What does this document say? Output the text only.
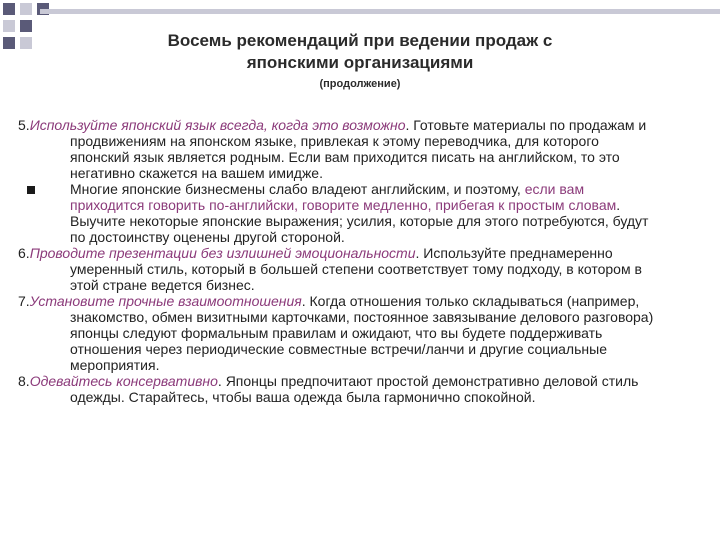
Восемь рекомендаций при ведении продаж с
японскими организациями
(продолжение)

5.Используйте японский язык всегда, когда это возможно. Готовьте материалы по продажам и продвижениям на японском языке, привлекая к этому переводчика, для которого японский язык является родным. Если вам приходится писать на английском, то это негативно скажется на вашем имидже.

Многие японские бизнесмены слабо владеют английским, и поэтому, если вам приходится говорить по-английски, говорите медленно, прибегая к простым словам. Выучите некоторые японские выражения; усилия, которые для этого потребуются, будут по достоинству оценены другой стороной.

6.Проводите презентации без излишней эмоциональности. Используйте преднамеренно умеренный стиль, который в большей степени соответствует тому подходу, в котором в этой стране ведется бизнес.

7.Установите прочные взаимоотношения. Когда отношения только складываться (например, знакомство, обмен визитными карточками, постоянное завязывание делового разговора) японцы следуют формальным правилам и ожидают, что вы будете поддерживать отношения через периодические совместные встречи/ланчи и другие социальные мероприятия.

8.Одевайтесь консервативно. Японцы предпочитают простой демонстративно деловой стиль одежды. Старайтесь, чтобы ваша одежда была гармонично спокойной.
